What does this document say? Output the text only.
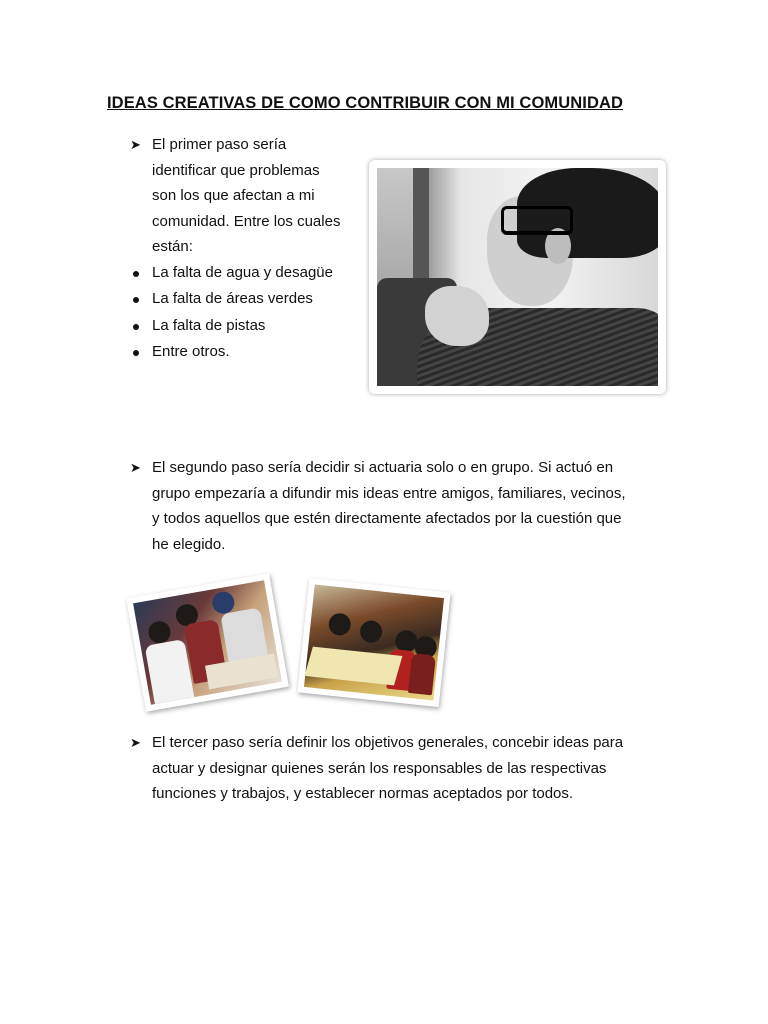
IDEAS CREATIVAS DE COMO CONTRIBUIR CON MI COMUNIDAD
➤ El primer paso sería
identificar que problemas
son los que afectan a mi
comunidad. Entre los cuales
están:
La falta de agua y desagüe
La falta de áreas verdes
La falta de pistas
Entre otros.
➤ El segundo paso sería decidir si actuaria solo o en grupo. Si actuó en
grupo empezaría a difundir mis ideas entre amigos, familiares, vecinos,
y todos aquellos que estén directamente afectados por la cuestión que
he elegido.
➤ El tercer paso sería definir los objetivos generales, concebir ideas para
actuar y designar quienes serán los responsables de las respectivas
funciones y trabajos, y establecer normas aceptados por todos.
